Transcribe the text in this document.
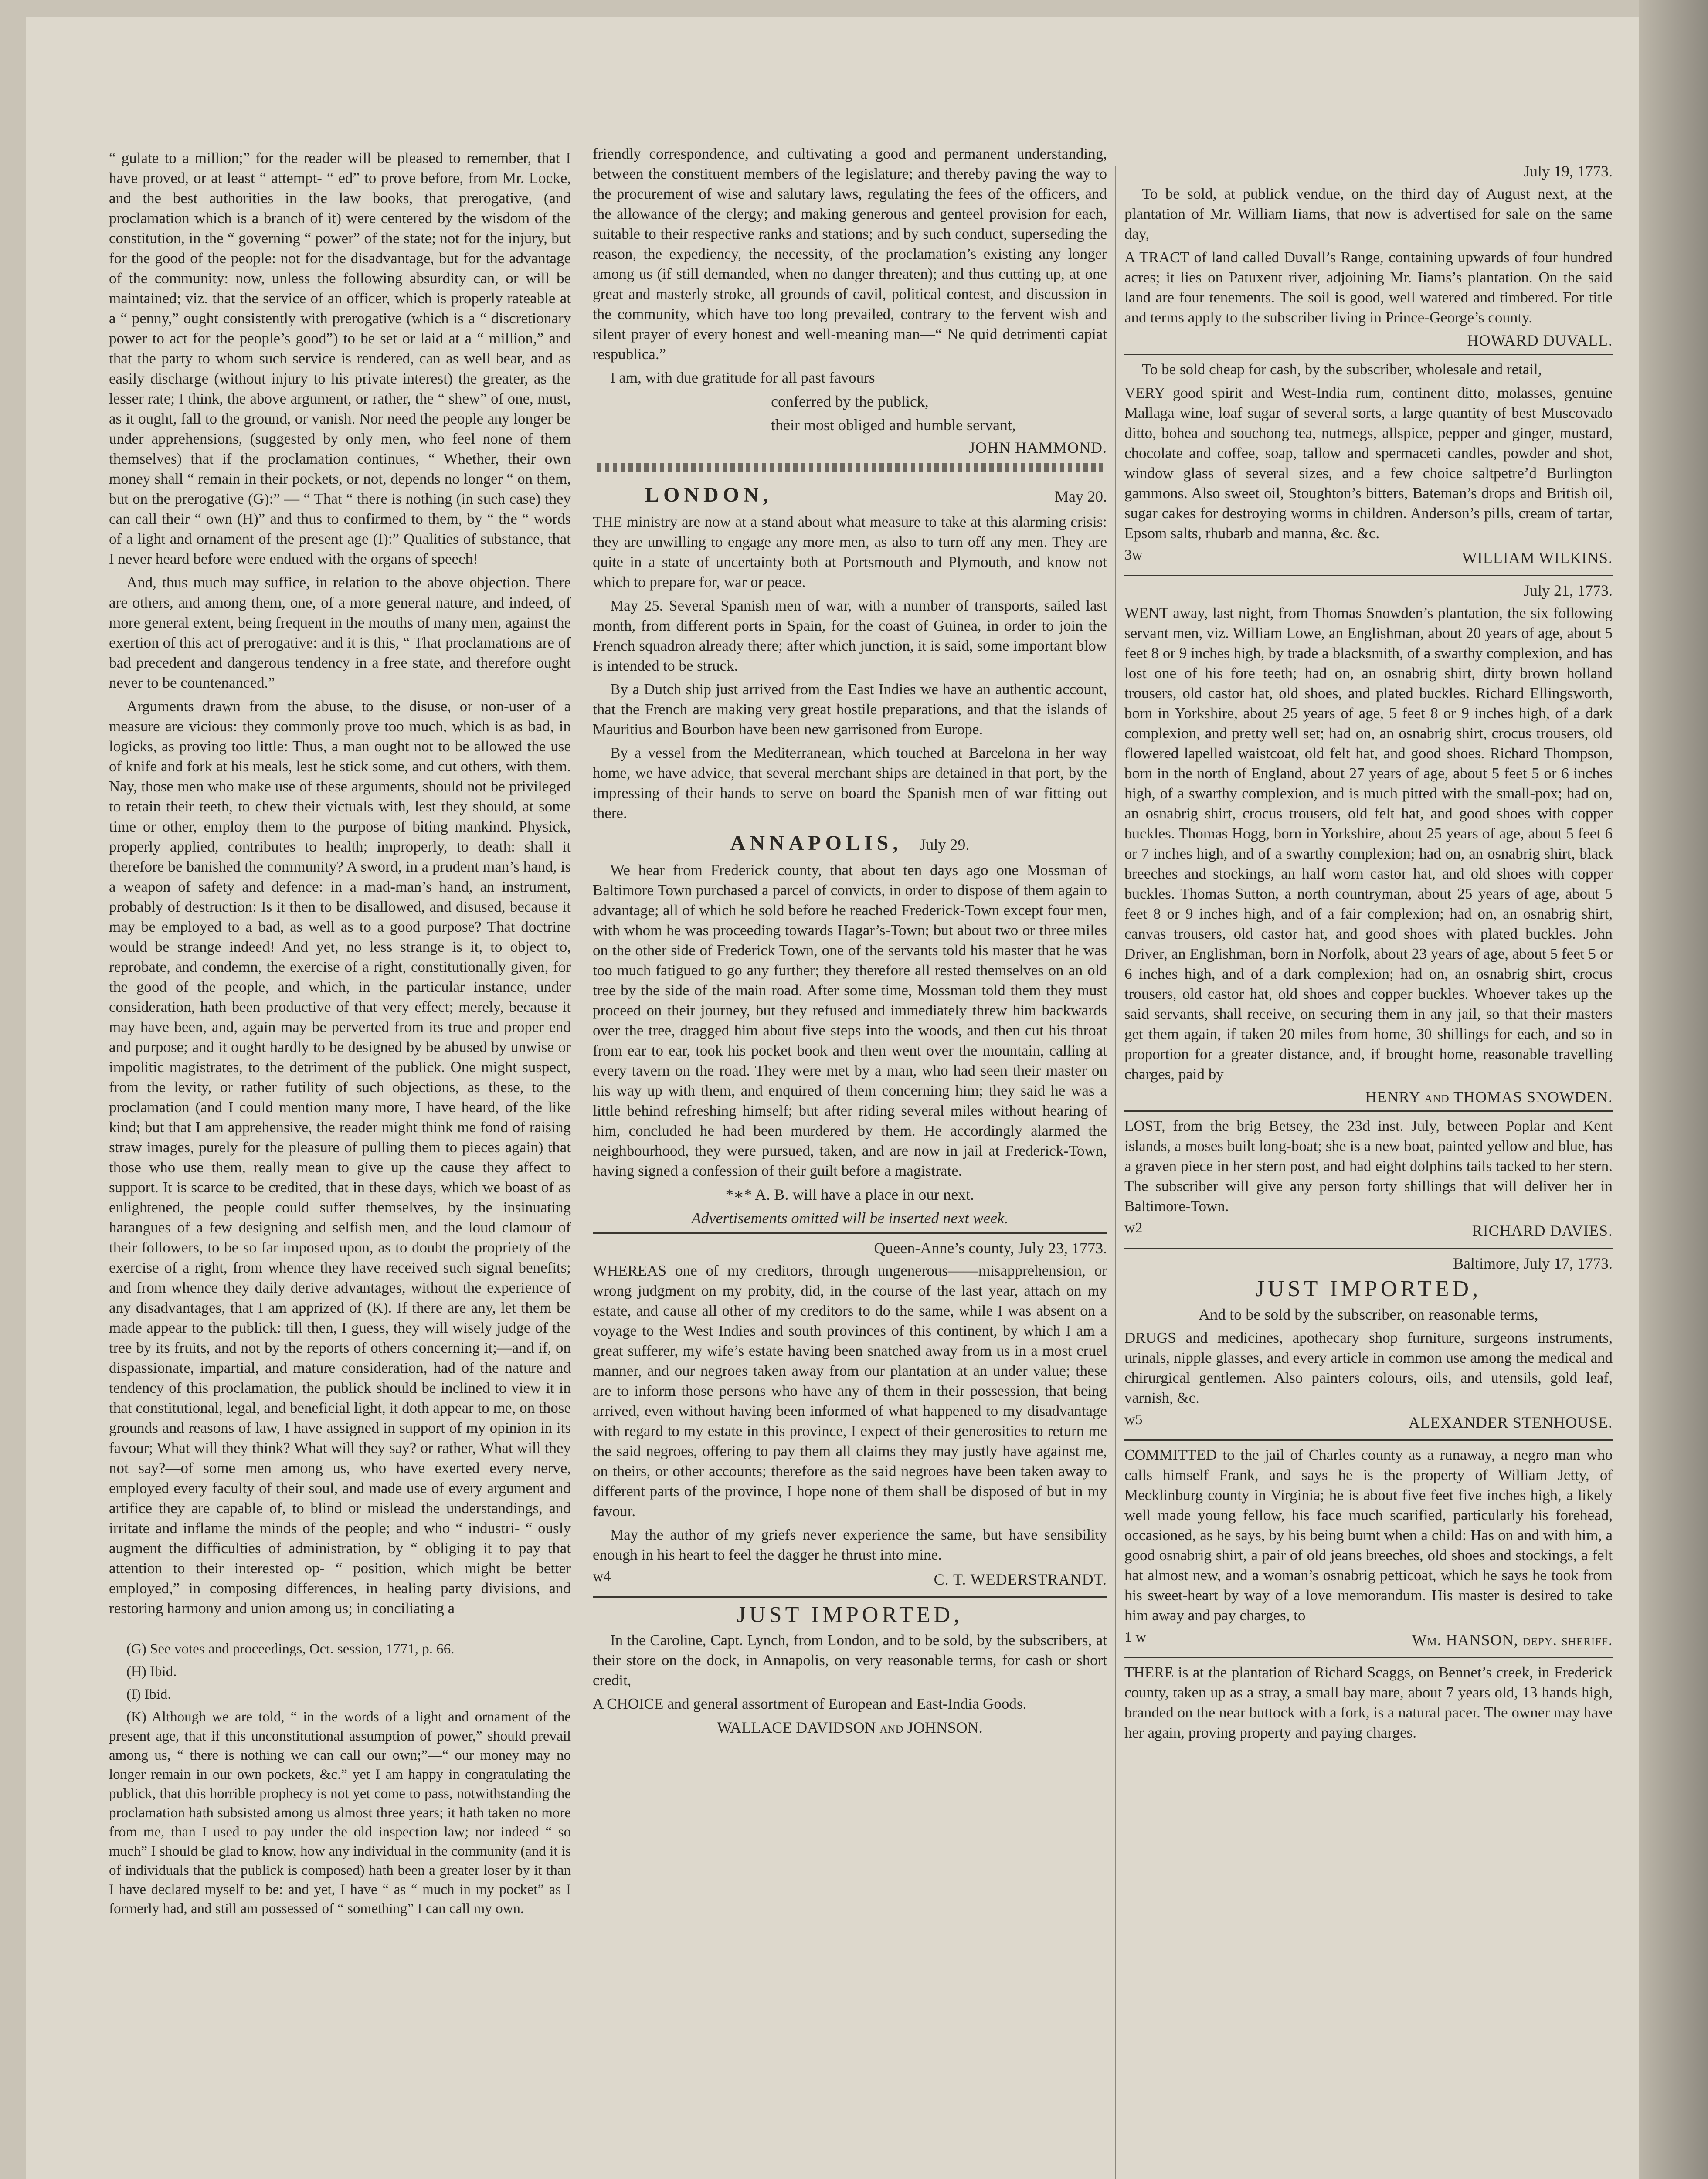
“ gulate to a million;” for the reader will be pleased to remember, that I have proved, or at least “ attempt- “ ed” to prove before, from Mr. Locke, and the best authorities in the law books, that prerogative, (and proclamation which is a branch of it) were centered by the wisdom of the constitution, in the “ governing “ power” of the state; not for the injury, but for the good of the people: not for the disadvantage, but for the advantage of the community: now, unless the following absurdity can, or will be maintained; viz. that the service of an officer, which is properly rateable at a “ penny,” ought consistently with prerogative (which is a “ discretionary power to act for the people’s good”) to be set or laid at a “ million,” and that the party to whom such service is rendered, can as well bear, and as easily discharge (without injury to his private interest) the greater, as the lesser rate; I think, the above argument, or rather, the “ shew” of one, must, as it ought, fall to the ground, or vanish. Nor need the people any longer be under apprehensions, (suggested by only men, who feel none of them themselves) that if the proclamation continues, “ Whether, their own money shall “ remain in their pockets, or not, depends no longer “ on them, but on the prerogative (G):” — “ That “ there is nothing (in such case) they can call their “ own (H)” and thus to confirmed to them, by “ the “ words of a light and ornament of the present age (I):” Qualities of substance, that I never heard before were endued with the organs of speech!

And, thus much may suffice, in relation to the above objection. There are others, and among them, one, of a more general nature, and indeed, of more general extent, being frequent in the mouths of many men, against the exertion of this act of prerogative: and it is this, “ That proclamations are of bad precedent and dangerous tendency in a free state, and therefore ought never to be countenanced.”

Arguments drawn from the abuse, to the disuse, or non-user of a measure are vicious: they commonly prove too much, which is as bad, in logicks, as proving too little: Thus, a man ought not to be allowed the use of knife and fork at his meals, lest he stick some, and cut others, with them. Nay, those men who make use of these arguments, should not be privileged to retain their teeth, to chew their victuals with, lest they should, at some time or other, employ them to the purpose of biting mankind. Physick, properly applied, contributes to health; improperly, to death: shall it therefore be banished the community? A sword, in a prudent man’s hand, is a weapon of safety and defence: in a mad-man’s hand, an instrument, probably of destruction: Is it then to be disallowed, and disused, because it may be employed to a bad, as well as to a good purpose? That doctrine would be strange indeed! And yet, no less strange is it, to object to, reprobate, and condemn, the exercise of a right, constitutionally given, for the good of the people, and which, in the particular instance, under consideration, hath been productive of that very effect; merely, because it may have been, and, again may be perverted from its true and proper end and purpose; and it ought hardly to be designed by be abused by unwise or impolitic magistrates, to the detriment of the publick. One might suspect, from the levity, or rather futility of such objections, as these, to the proclamation (and I could mention many more, I have heard, of the like kind; but that I am apprehensive, the reader might think me fond of raising straw images, purely for the pleasure of pulling them to pieces again) that those who use them, really mean to give up the cause they affect to support. It is scarce to be credited, that in these days, which we boast of as enlightened, the people could suffer themselves, by the insinuating harangues of a few designing and selfish men, and the loud clamour of their followers, to be so far imposed upon, as to doubt the propriety of the exercise of a right, from whence they have received such signal benefits; and from whence they daily derive advantages, without the experience of any disadvantages, that I am apprized of (K). If there are any, let them be made appear to the publick: till then, I guess, they will wisely judge of the tree by its fruits, and not by the reports of others concerning it;—and if, on dispassionate, impartial, and mature consideration, had of the nature and tendency of this proclamation, the publick should be inclined to view it in that constitutional, legal, and beneficial light, it doth appear to me, on those grounds and reasons of law, I have assigned in support of my opinion in its favour; What will they think? What will they say? or rather, What will they not say?—of some men among us, who have exerted every nerve, employed every faculty of their soul, and made use of every argument and artifice they are capable of, to blind or mislead the understandings, and irritate and inflame the minds of the people; and who “ industri- “ ously augment the difficulties of administration, by “ obliging it to pay that attention to their interested op- “ position, which might be better employed,” in composing differences, in healing party divisions, and restoring harmony and union among us; in conciliating a

(G) See votes and proceedings, Oct. session, 1771, p. 66.

(H) Ibid.

(I) Ibid.

(K) Although we are told, “ in the words of a light and ornament of the present age, that if this unconstitutional assumption of power,” should prevail among us, “ there is nothing we can call our own;”—“ our money may no longer remain in our own pockets, &c.” yet I am happy in congratulating the publick, that this horrible prophecy is not yet come to pass, notwithstanding the proclamation hath subsisted among us almost three years; it hath taken no more from me, than I used to pay under the old inspection law; nor indeed “ so much” I should be glad to know, how any individual in the community (and it is of individuals that the publick is composed) hath been a greater loser by it than I have declared myself to be: and yet, I have “ as “ much in my pocket” as I formerly had, and still am possessed of “ something” I can call my own.

friendly correspondence, and cultivating a good and permanent understanding, between the constituent members of the legislature; and thereby paving the way to the procurement of wise and salutary laws, regulating the fees of the officers, and the allowance of the clergy; and making generous and genteel provision for each, suitable to their respective ranks and stations; and by such conduct, superseding the reason, the expediency, the necessity, of the proclamation’s existing any longer among us (if still demanded, when no danger threaten); and thus cutting up, at one great and masterly stroke, all grounds of cavil, political contest, and discussion in the community, which have too long prevailed, contrary to the fervent wish and silent prayer of every honest and well-meaning man—“ Ne quid detrimenti capiat respublica.”

I am, with due gratitude for all past favours

conferred by the publick,

their most obliged and humble servant,

JOHN HAMMOND.
LONDON,	May 20.

THE ministry are now at a stand about what measure to take at this alarming crisis: they are unwilling to engage any more men, as also to turn off any men. They are quite in a state of uncertainty both at Portsmouth and Plymouth, and know not which to prepare for, war or peace.

May 25. Several Spanish men of war, with a number of transports, sailed last month, from different ports in Spain, for the coast of Guinea, in order to join the French squadron already there; after which junction, it is said, some important blow is intended to be struck.

By a Dutch ship just arrived from the East Indies we have an authentic account, that the French are making very great hostile preparations, and that the islands of Mauritius and Bourbon have been new garrisoned from Europe.

By a vessel from the Mediterranean, which touched at Barcelona in her way home, we have advice, that several merchant ships are detained in that port, by the impressing of their hands to serve on board the Spanish men of war fitting out there.

ANNAPOLIS, July 29.

We hear from Frederick county, that about ten days ago one Mossman of Baltimore Town purchased a parcel of convicts, in order to dispose of them again to advantage; all of which he sold before he reached Frederick-Town except four men, with whom he was proceeding towards Hagar’s-Town; but about two or three miles on the other side of Frederick Town, one of the servants told his master that he was too much fatigued to go any further; they therefore all rested themselves on an old tree by the side of the main road. After some time, Mossman told them they must proceed on their journey, but they refused and immediately threw him backwards over the tree, dragged him about five steps into the woods, and then cut his throat from ear to ear, took his pocket book and then went over the mountain, calling at every tavern on the road. They were met by a man, who had seen their master on his way up with them, and enquired of them concerning him; they said he was a little behind refreshing himself; but after riding several miles without hearing of him, concluded he had been murdered by them. He accordingly alarmed the neighbourhood, they were pursued, taken, and are now in jail at Frederick-Town, having signed a confession of their guilt before a magistrate.

*∗* A. B. will have a place in our next.

Advertisements omitted will be inserted next week.

Queen-Anne’s county, July 23, 1773.

WHEREAS one of my creditors, through ungenerous——misapprehension, or wrong judgment on my probity, did, in the course of the last year, attach on my estate, and cause all other of my creditors to do the same, while I was absent on a voyage to the West Indies and south provinces of this continent, by which I am a great sufferer, my wife’s estate having been snatched away from us in a most cruel manner, and our negroes taken away from our plantation at an under value; these are to inform those persons who have any of them in their possession, that being arrived, even without having been informed of what happened to my disadvantage with regard to my estate in this province, I expect of their generosities to return me the said negroes, offering to pay them all claims they may justly have against me, on theirs, or other accounts; therefore as the said negroes have been taken away to different parts of the province, I hope none of them shall be disposed of but in my favour.

May the author of my griefs never experience the same, but have sensibility enough in his heart to feel the dagger he thrust into mine.

w4	C. T. WEDERSTRANDT.
JUST IMPORTED,

In the Caroline, Capt. Lynch, from London, and to be sold, by the subscribers, at their store on the dock, in Annapolis, on very reasonable terms, for cash or short credit,

A CHOICE and general assortment of European and East-India Goods.

WALLACE DAVIDSON and JOHNSON.
July 19, 1773.

To be sold, at publick vendue, on the third day of August next, at the plantation of Mr. William Iiams, that now is advertised for sale on the same day,

A TRACT of land called Duvall’s Range, containing upwards of four hundred acres; it lies on Patuxent river, adjoining Mr. Iiams’s plantation. On the said land are four tenements. The soil is good, well watered and timbered. For title and terms apply to the subscriber living in Prince-George’s county.

HOWARD DUVALL.

To be sold cheap for cash, by the subscriber, wholesale and retail,

VERY good spirit and West-India rum, continent ditto, molasses, genuine Mallaga wine, loaf sugar of several sorts, a large quantity of best Muscovado ditto, bohea and souchong tea, nutmegs, allspice, pepper and ginger, mustard, chocolate and coffee, soap, tallow and spermaceti candles, powder and shot, window glass of several sizes, and a few choice saltpetre’d Burlington gammons. Also sweet oil, Stoughton’s bitters, Bateman’s drops and British oil, sugar cakes for destroying worms in children. Anderson’s pills, cream of tartar, Epsom salts, rhubarb and manna, &c. &c.

3w	WILLIAM WILKINS.
July 21, 1773.

WENT away, last night, from Thomas Snowden’s plantation, the six following servant men, viz. William Lowe, an Englishman, about 20 years of age, about 5 feet 8 or 9 inches high, by trade a blacksmith, of a swarthy complexion, and has lost one of his fore teeth; had on, an osnabrig shirt, dirty brown holland trousers, old castor hat, old shoes, and plated buckles. Richard Ellingsworth, born in Yorkshire, about 25 years of age, 5 feet 8 or 9 inches high, of a dark complexion, and pretty well set; had on, an osnabrig shirt, crocus trousers, old flowered lapelled waistcoat, old felt hat, and good shoes. Richard Thompson, born in the north of England, about 27 years of age, about 5 feet 5 or 6 inches high, of a swarthy complexion, and is much pitted with the small-pox; had on, an osnabrig shirt, crocus trousers, old felt hat, and good shoes with copper buckles. Thomas Hogg, born in Yorkshire, about 25 years of age, about 5 feet 6 or 7 inches high, and of a swarthy complexion; had on, an osnabrig shirt, black breeches and stockings, an half worn castor hat, and old shoes with copper buckles. Thomas Sutton, a north countryman, about 25 years of age, about 5 feet 8 or 9 inches high, and of a fair complexion; had on, an osnabrig shirt, canvas trousers, old castor hat, and good shoes with plated buckles. John Driver, an Englishman, born in Norfolk, about 23 years of age, about 5 feet 5 or 6 inches high, and of a dark complexion; had on, an osnabrig shirt, crocus trousers, old castor hat, old shoes and copper buckles. Whoever takes up the said servants, shall receive, on securing them in any jail, so that their masters get them again, if taken 20 miles from home, 30 shillings for each, and so in proportion for a greater distance, and, if brought home, reasonable travelling charges, paid by

HENRY and THOMAS SNOWDEN.

LOST, from the brig Betsey, the 23d inst. July, between Poplar and Kent islands, a moses built long-boat; she is a new boat, painted yellow and blue, has a graven piece in her stern post, and had eight dolphins tails tacked to her stern. The subscriber will give any person forty shillings that will deliver her in Baltimore-Town.

w2	RICHARD DAVIES.
Baltimore, July 17, 1773.
JUST IMPORTED,

And to be sold by the subscriber, on reasonable terms,

DRUGS and medicines, apothecary shop furniture, surgeons instruments, urinals, nipple glasses, and every article in common use among the medical and chirurgical gentlemen. Also painters colours, oils, and utensils, gold leaf, varnish, &c.

w5	ALEXANDER STENHOUSE.

COMMITTED to the jail of Charles county as a runaway, a negro man who calls himself Frank, and says he is the property of William Jetty, of Mecklinburg county in Virginia; he is about five feet five inches high, a likely well made young fellow, his face much scarified, particularly his forehead, occasioned, as he says, by his being burnt when a child: Has on and with him, a good osnabrig shirt, a pair of old jeans breeches, old shoes and stockings, a felt hat almost new, and a woman’s osnabrig petticoat, which he says he took from his sweet-heart by way of a love memorandum. His master is desired to take him away and pay charges, to

1 w	Wm. HANSON, depy. sheriff.

THERE is at the plantation of Richard Scaggs, on Bennet’s creek, in Frederick county, taken up as a stray, a small bay mare, about 7 years old, 13 hands high, branded on the near buttock with a fork, is a natural pacer. The owner may have her again, proving property and paying charges.
